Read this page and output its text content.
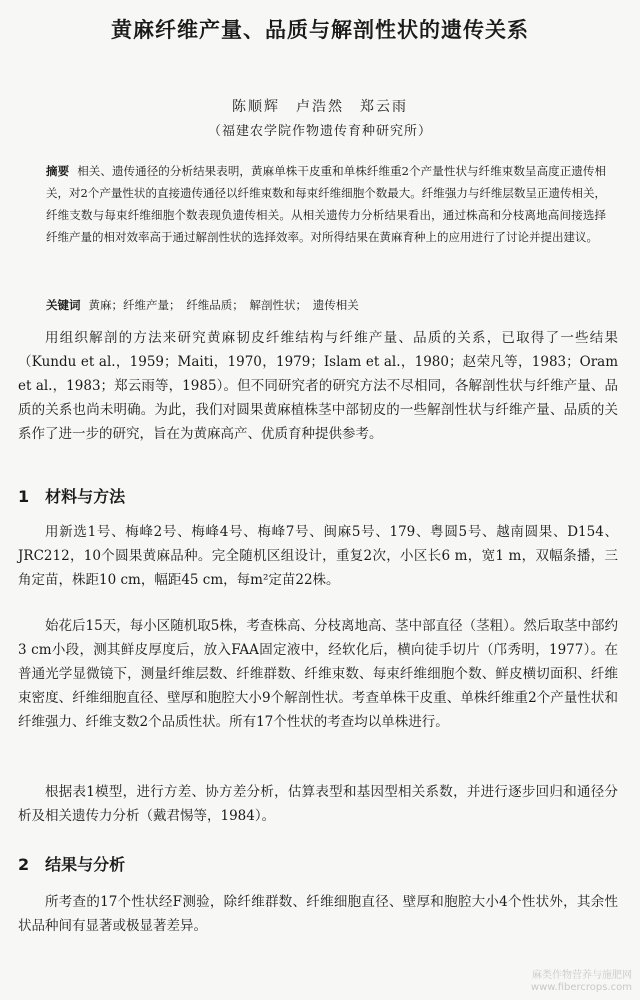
黄麻纤维产量、品质与解剖性状的遗传关系
陈顺辉　卢浩然　郑云雨
（福建农学院作物遗传育种研究所）
摘要 相关、遗传通径的分析结果表明，黄麻单株干皮重和单株纤维重2个产量性状与纤维束数呈高度正遗传相关，对2个产量性状的直接遗传通径以纤维束数和每束纤维细胞个数最大。纤维强力与纤维层数呈正遗传相关，纤维支数与每束纤维细胞个数表现负遗传相关。从相关遗传力分析结果看出，通过株高和分枝离地高间接选择纤维产量的相对效率高于通过解剖性状的选择效率。对所得结果在黄麻育种上的应用进行了讨论并提出建议。
关键词 黄麻；纤维产量；　纤维品质；　解剖性状；　遗传相关
用组织解剖的方法来研究黄麻韧皮纤维结构与纤维产量、品质的关系，已取得了一些结果（Kundu et al.，1959；Maiti，1970，1979；Islam et al.，1980；赵荣凡等，1983；Oram et al.，1983；郑云雨等，1985）。但不同研究者的研究方法不尽相同，各解剖性状与纤维产量、品质的关系也尚未明确。为此，我们对圆果黄麻植株茎中部韧皮的一些解剖性状与纤维产量、品质的关系作了进一步的研究，旨在为黄麻高产、优质育种提供参考。
1　材料与方法
用新选1号、梅峰2号、梅峰4号、梅峰7号、闽麻5号、179、粤圆5号、越南圆果、D154、JRC212，10个圆果黄麻品种。完全随机区组设计，重复2次，小区长6 m，宽1 m，双幅条播，三角定苗，株距10 cm，幅距45 cm，每m²定苗22株。
始花后15天，每小区随机取5株，考查株高、分枝离地高、茎中部直径（茎粗）。然后取茎中部约3 cm小段，测其鲜皮厚度后，放入FAA固定液中，经软化后，横向徒手切片（邝秀明，1977）。在普通光学显微镜下，测量纤维层数、纤维群数、纤维束数、每束纤维细胞个数、鲜皮横切面积、纤维束密度、纤维细胞直径、壁厚和胞腔大小9个解剖性状。考查单株干皮重、单株纤维重2个产量性状和纤维强力、纤维支数2个品质性状。所有17个性状的考查均以单株进行。
根据表1模型，进行方差、协方差分析，估算表型和基因型相关系数，并进行逐步回归和通径分析及相关遗传力分析（戴君惕等，1984）。
2　结果与分析
所考查的17个性状经F测验，除纤维群数、纤维细胞直径、壁厚和胞腔大小4个性状外，其余性状品种间有显著或极显著差异。
麻类作物营养与施肥网
www.fibercrops.com
